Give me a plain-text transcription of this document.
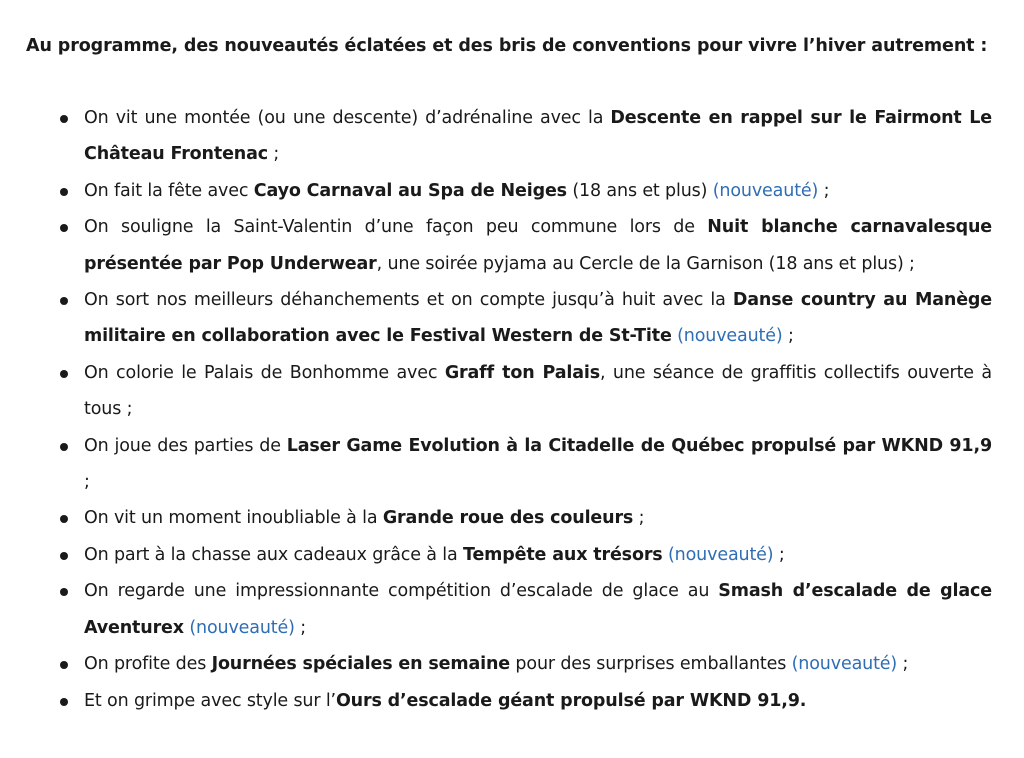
Au programme, des nouveautés éclatées et des bris de conventions pour vivre l’hiver autrement :

On vit une montée (ou une descente) d’adrénaline avec la Descente en rappel sur le Fairmont Le Château Frontenac ;
On fait la fête avec Cayo Carnaval au Spa de Neiges (18 ans et plus) (nouveauté) ;
On souligne la Saint-Valentin d’une façon peu commune lors de Nuit blanche carnavalesque présentée par Pop Underwear, une soirée pyjama au Cercle de la Garnison (18 ans et plus) ;
On sort nos meilleurs déhanchements et on compte jusqu’à huit avec la Danse country au Manège militaire en collaboration avec le Festival Western de St-Tite (nouveauté) ;
On colorie le Palais de Bonhomme avec Graff ton Palais, une séance de graffitis collectifs ouverte à tous ;
On joue des parties de Laser Game Evolution à la Citadelle de Québec propulsé par WKND 91,9 ;
On vit un moment inoubliable à la Grande roue des couleurs ;
On part à la chasse aux cadeaux grâce à la Tempête aux trésors (nouveauté) ;
On regarde une impressionnante compétition d’escalade de glace au Smash d’escalade de glace Aventurex (nouveauté) ;
On profite des Journées spéciales en semaine pour des surprises emballantes (nouveauté) ;
Et on grimpe avec style sur l’Ours d’escalade géant propulsé par WKND 91,9.
